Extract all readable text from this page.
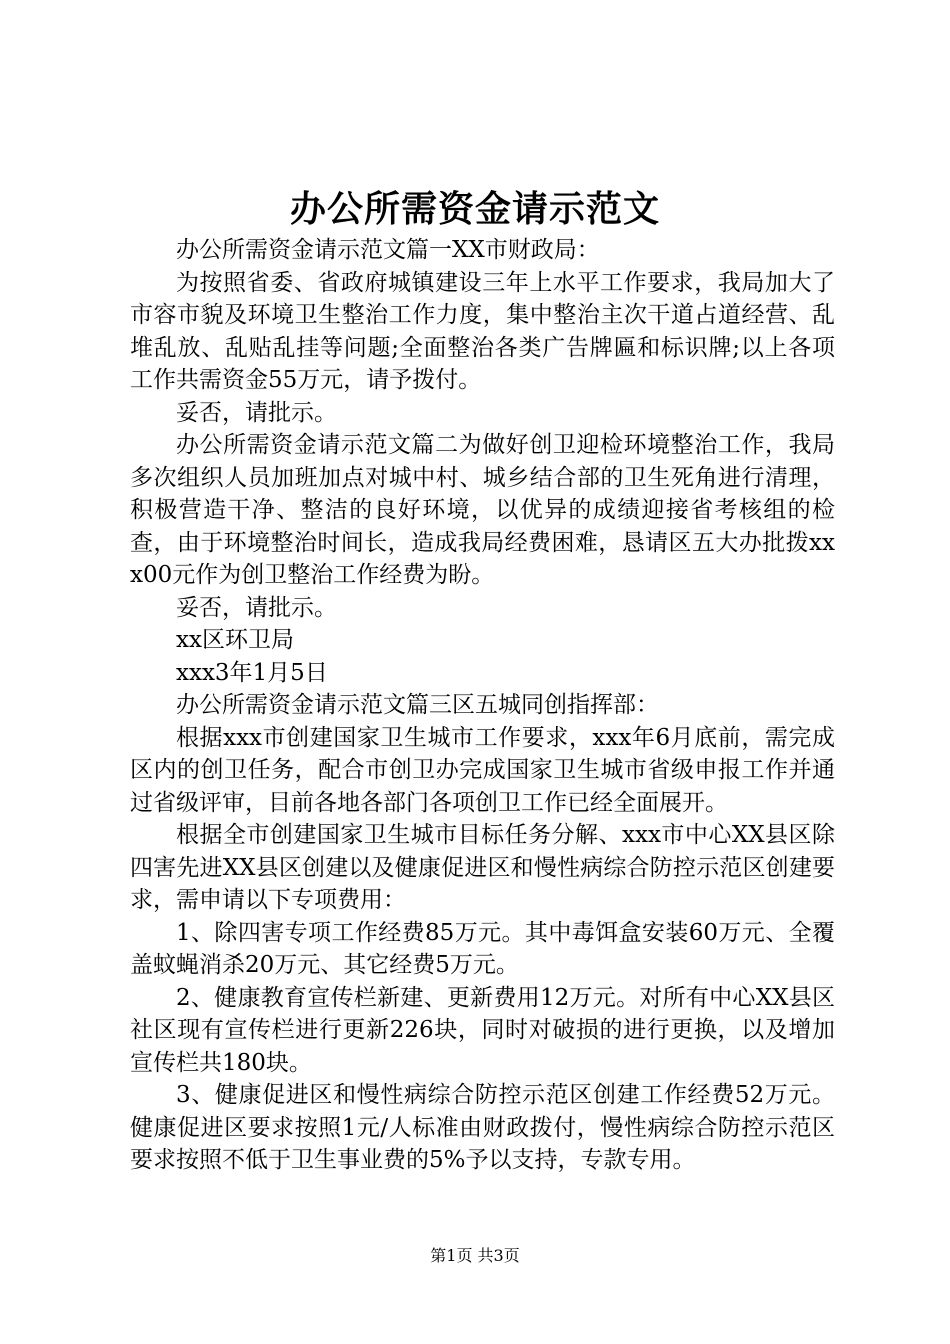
办公所需资金请示范文

办公所需资金请示范文篇一XX市财政局：

为按照省委、省政府城镇建设三年上水平工作要求，我局加大了市容市貌及环境卫生整治工作力度，集中整治主次干道占道经营、乱堆乱放、乱贴乱挂等问题;全面整治各类广告牌匾和标识牌;以上各项工作共需资金55万元，请予拨付。

妥否，请批示。

办公所需资金请示范文篇二为做好创卫迎检环境整治工作，我局多次组织人员加班加点对城中村、城乡结合部的卫生死角进行清理，积极营造干净、整洁的良好环境，以优异的成绩迎接省考核组的检查，由于环境整治时间长，造成我局经费困难，恳请区五大办批拨xxx00元作为创卫整治工作经费为盼。

妥否，请批示。

xx区环卫局

xxx3年1月5日

办公所需资金请示范文篇三区五城同创指挥部：

根据xxx市创建国家卫生城市工作要求，xxx年6月底前，需完成区内的创卫任务，配合市创卫办完成国家卫生城市省级申报工作并通过省级评审，目前各地各部门各项创卫工作已经全面展开。

根据全市创建国家卫生城市目标任务分解、xxx市中心XX县区除四害先进XX县区创建以及健康促进区和慢性病综合防控示范区创建要求，需申请以下专项费用：

1、除四害专项工作经费85万元。其中毒饵盒安装60万元、全覆盖蚊蝇消杀20万元、其它经费5万元。

2、健康教育宣传栏新建、更新费用12万元。对所有中心XX县区社区现有宣传栏进行更新226块，同时对破损的进行更换，以及增加宣传栏共180块。

3、健康促进区和慢性病综合防控示范区创建工作经费52万元。健康促进区要求按照1元/人标准由财政拨付，慢性病综合防控示范区要求按照不低于卫生事业费的5%予以支持，专款专用。

第1页 共3页
